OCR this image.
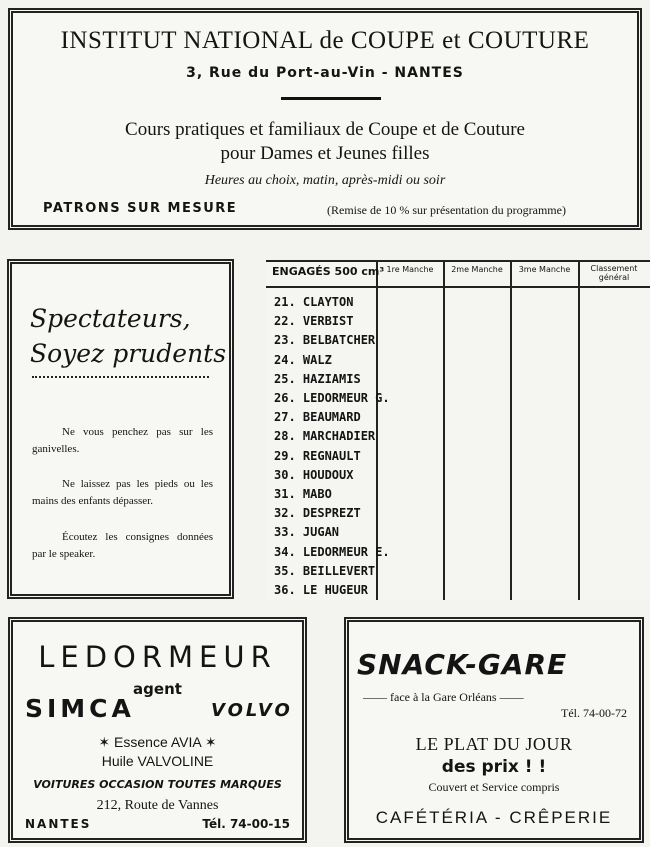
INSTITUT NATIONAL de COUPE et COUTURE
3, Rue du Port-au-Vin - NANTES
Cours pratiques et familiaux de Coupe et de Couture
pour Dames et Jeunes filles
Heures au choix, matin, après-midi ou soir
PATRONS SUR MESURE	(Remise de 10 % sur présentation du programme)
Spectateurs,
Soyez prudents
Ne vous penchez pas sur les ganivelles.
Ne laissez pas les pieds ou les mains des enfants dépasser.
Écoutez les consignes données par le speaker.
ENGAGÉS 500 cm³ 1re Manche	2me Manche	3me Manche	Classement général
21. CLAYTON
22. VERBIST
23. BELBATCHER
24. WALZ
25. HAZIAMIS
26. LEDORMEUR G.
27. BEAUMARD
28. MARCHADIER
29. REGNAULT
30. HOUDOUX
31. MABO
32. DESPREZT
33. JUGAN
34. LEDORMEUR E.
35. BEILLEVERT
36. LE HUGEUR
LEDORMEUR
agent
SIMCA	VOLVO
✶ Essence AVIA ✶
Huile VALVOLINE
VOITURES OCCASION TOUTES MARQUES
212, Route de Vannes
NANTES	Tél. 74-00-15
SNACK-GARE
—— face à la Gare Orléans ——
Tél. 74-00-72
LE PLAT DU JOUR
des prix ! !
Couvert et Service compris
CAFÉTÉRIA - CRÊPERIE
